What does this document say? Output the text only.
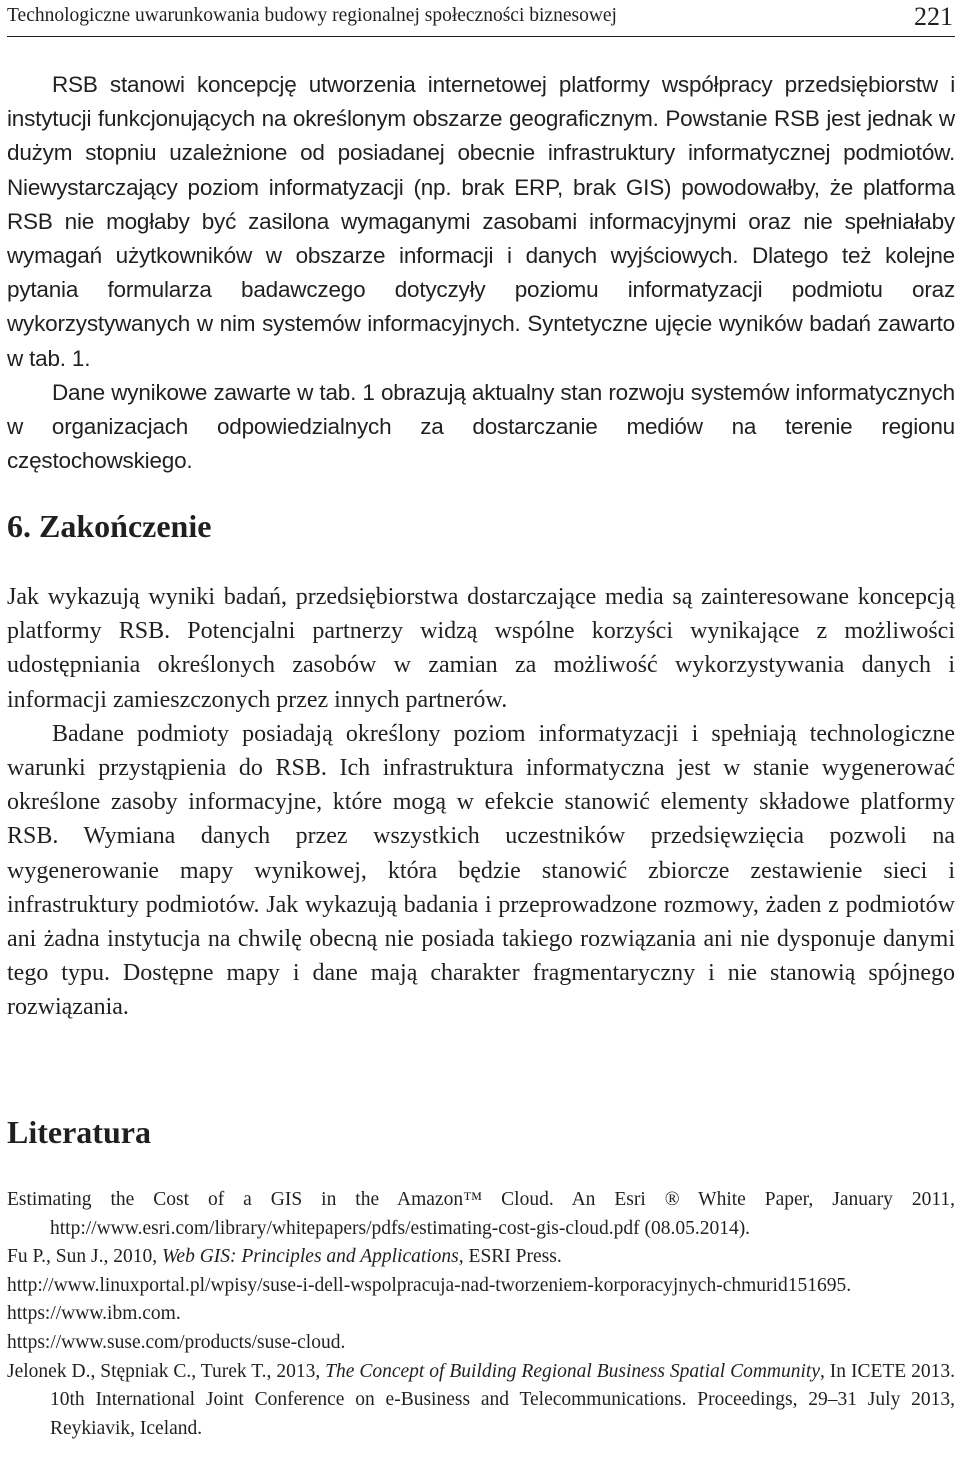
Technologiczne uwarunkowania budowy regionalnej społeczności biznesowej	221

RSB stanowi koncepcję utworzenia internetowej platformy współpracy przedsiębiorstw i instytucji funkcjonujących na określonym obszarze geograficznym. Powstanie RSB jest jednak w dużym stopniu uzależnione od posiadanej obecnie infrastruktury informatycznej podmiotów. Niewystarczający poziom informatyzacji (np. brak ERP, brak GIS) powodowałby, że platforma RSB nie mogłaby być zasilona wymaganymi zasobami informacyjnymi oraz nie spełniałaby wymagań użytkowników w obszarze informacji i danych wyjściowych. Dlatego też kolejne pytania formularza badawczego dotyczyły poziomu informatyzacji podmiotu oraz wykorzystywanych w nim systemów informacyjnych. Syntetyczne ujęcie wyników badań zawarto w tab. 1.

Dane wynikowe zawarte w tab. 1 obrazują aktualny stan rozwoju systemów informatycznych w organizacjach odpowiedzialnych za dostarczanie mediów na terenie regionu częstochowskiego.

6. Zakończenie

Jak wykazują wyniki badań, przedsiębiorstwa dostarczające media są zainteresowane koncepcją platformy RSB. Potencjalni partnerzy widzą wspólne korzyści wynikające z możliwości udostępniania określonych zasobów w zamian za możliwość wykorzystywania danych i informacji zamieszczonych przez innych partnerów.

Badane podmioty posiadają określony poziom informatyzacji i spełniają technologiczne warunki przystąpienia do RSB. Ich infrastruktura informatyczna jest w stanie wygenerować określone zasoby informacyjne, które mogą w efekcie stanowić elementy składowe platformy RSB. Wymiana danych przez wszystkich uczestników przedsięwzięcia pozwoli na wygenerowanie mapy wynikowej, która będzie stanowić zbiorcze zestawienie sieci i infrastruktury podmiotów. Jak wykazują badania i przeprowadzone rozmowy, żaden z podmiotów ani żadna instytucja na chwilę obecną nie posiada takiego rozwiązania ani nie dysponuje danymi tego typu. Dostępne mapy i dane mają charakter fragmentaryczny i nie stanowią spójnego rozwiązania.

Literatura

Estimating the Cost of a GIS in the Amazon™ Cloud. An Esri ® White Paper, January 2011, http://www.esri.com/library/whitepapers/pdfs/estimating-cost-gis-cloud.pdf (08.05.2014).

Fu P., Sun J., 2010, Web GIS: Principles and Applications, ESRI Press.

http://www.linuxportal.pl/wpisy/suse-i-dell-wspolpracuja-nad-tworzeniem-korporacyjnych-chmurid151695.

https://www.ibm.com.

https://www.suse.com/products/suse-cloud.

Jelonek D., Stępniak C., Turek T., 2013, The Concept of Building Regional Business Spatial Community, In ICETE 2013. 10th International Joint Conference on e-Business and Telecommunications. Proceedings, 29–31 July 2013, Reykiavik, Iceland.
